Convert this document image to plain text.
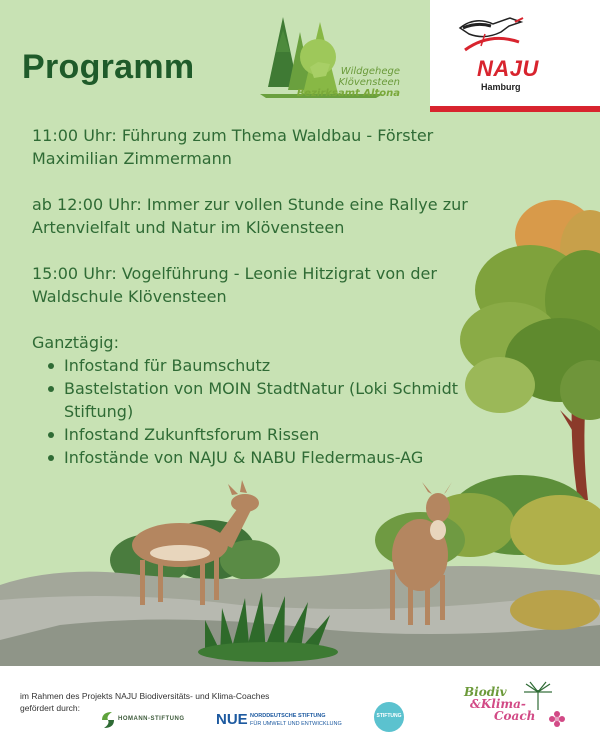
Programm	Wildgehege
Klövensteen
Bezirksamt Altona
NAJU
Hamburg

11:00 Uhr: Führung zum Thema Waldbau - Förster Maximilian Zimmermann

ab 12:00 Uhr: Immer zur vollen Stunde eine Rallye zur Artenvielfalt und Natur im Klövensteen

15:00 Uhr: Vogelführung - Leonie Hitzigrat von der Waldschule Klövensteen

Ganztägig:
Infostand für Baumschutz
Bastelstation von MOIN StadtNatur (Loki Schmidt Stiftung)
Infostand Zukunftsforum Rissen
Infostände von NAJU & NABU Fledermaus-AG
im Rahmen des Projekts NAJU Biodiversitäts- und Klima-Coaches
gefördert durch:
HOMANN-STIFTUNG NUE NORDDEUTSCHE STIFTUNG
FÜR UMWELT UND ENTWICKLUNG
STIFTUNG
Biodiv
&Klima-
Coach
